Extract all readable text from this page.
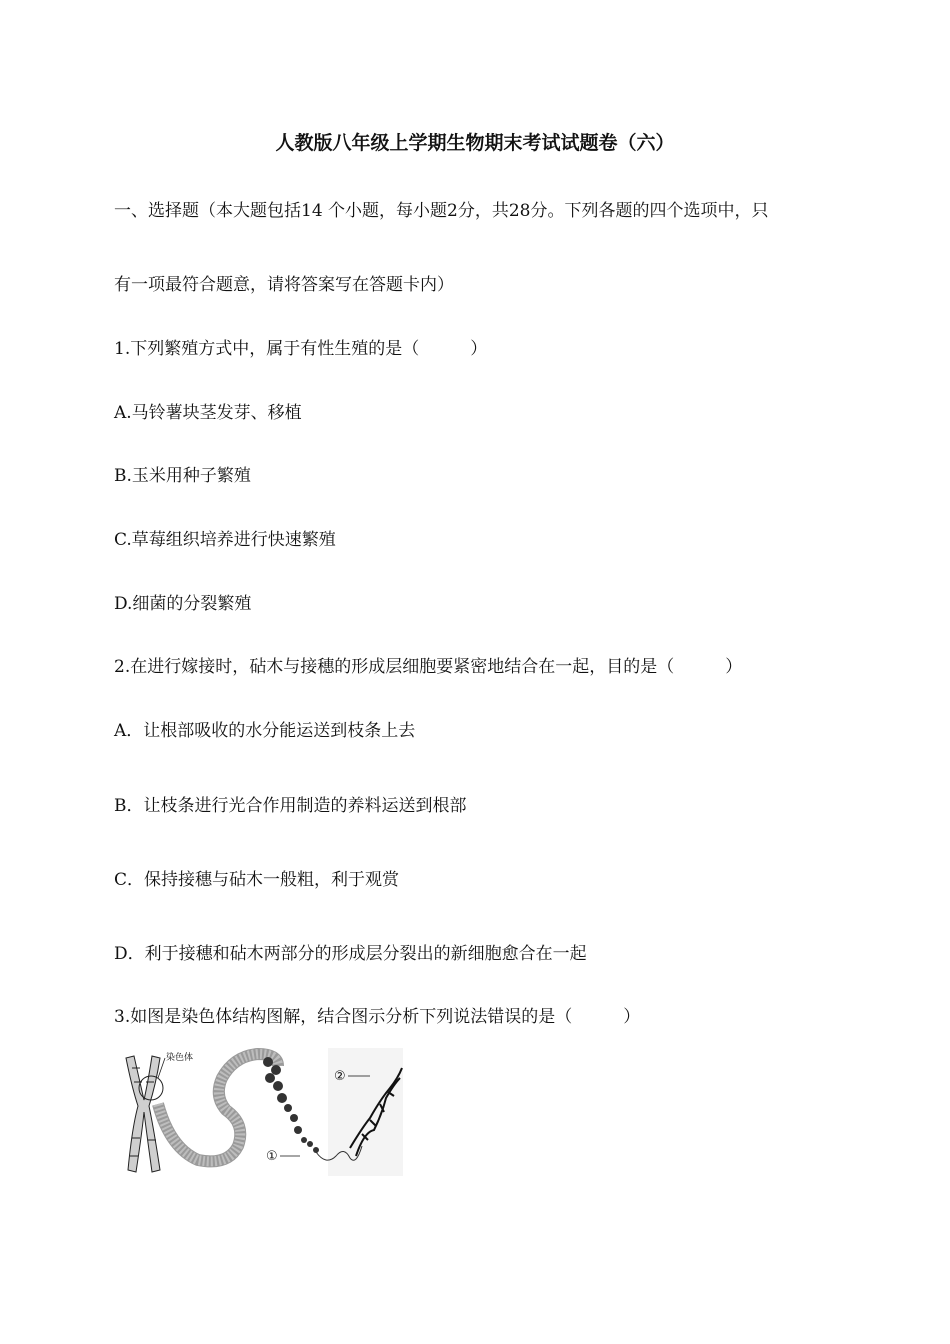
人教版八年级上学期生物期末考试试题卷（六）
一、选择题（本大题包括14 个小题，每小题2分，共28分。下列各题的四个选项中，只
有一项最符合题意，请将答案写在答题卡内）
1.下列繁殖方式中，属于有性生殖的是（　　　）
A.马铃薯块茎发芽、移植
B.玉米用种子繁殖
C.草莓组织培养进行快速繁殖
D.细菌的分裂繁殖
2.在进行嫁接时，砧木与接穗的形成层细胞要紧密地结合在一起，目的是（　　　）
A．让根部吸收的水分能运送到枝条上去
B．让枝条进行光合作用制造的养料运送到根部
C．保持接穗与砧木一般粗，利于观赏
D．利于接穗和砧木两部分的形成层分裂出的新细胞愈合在一起
3.如图是染色体结构图解，结合图示分析下列说法错误的是（　　　）
染色体
①
②
